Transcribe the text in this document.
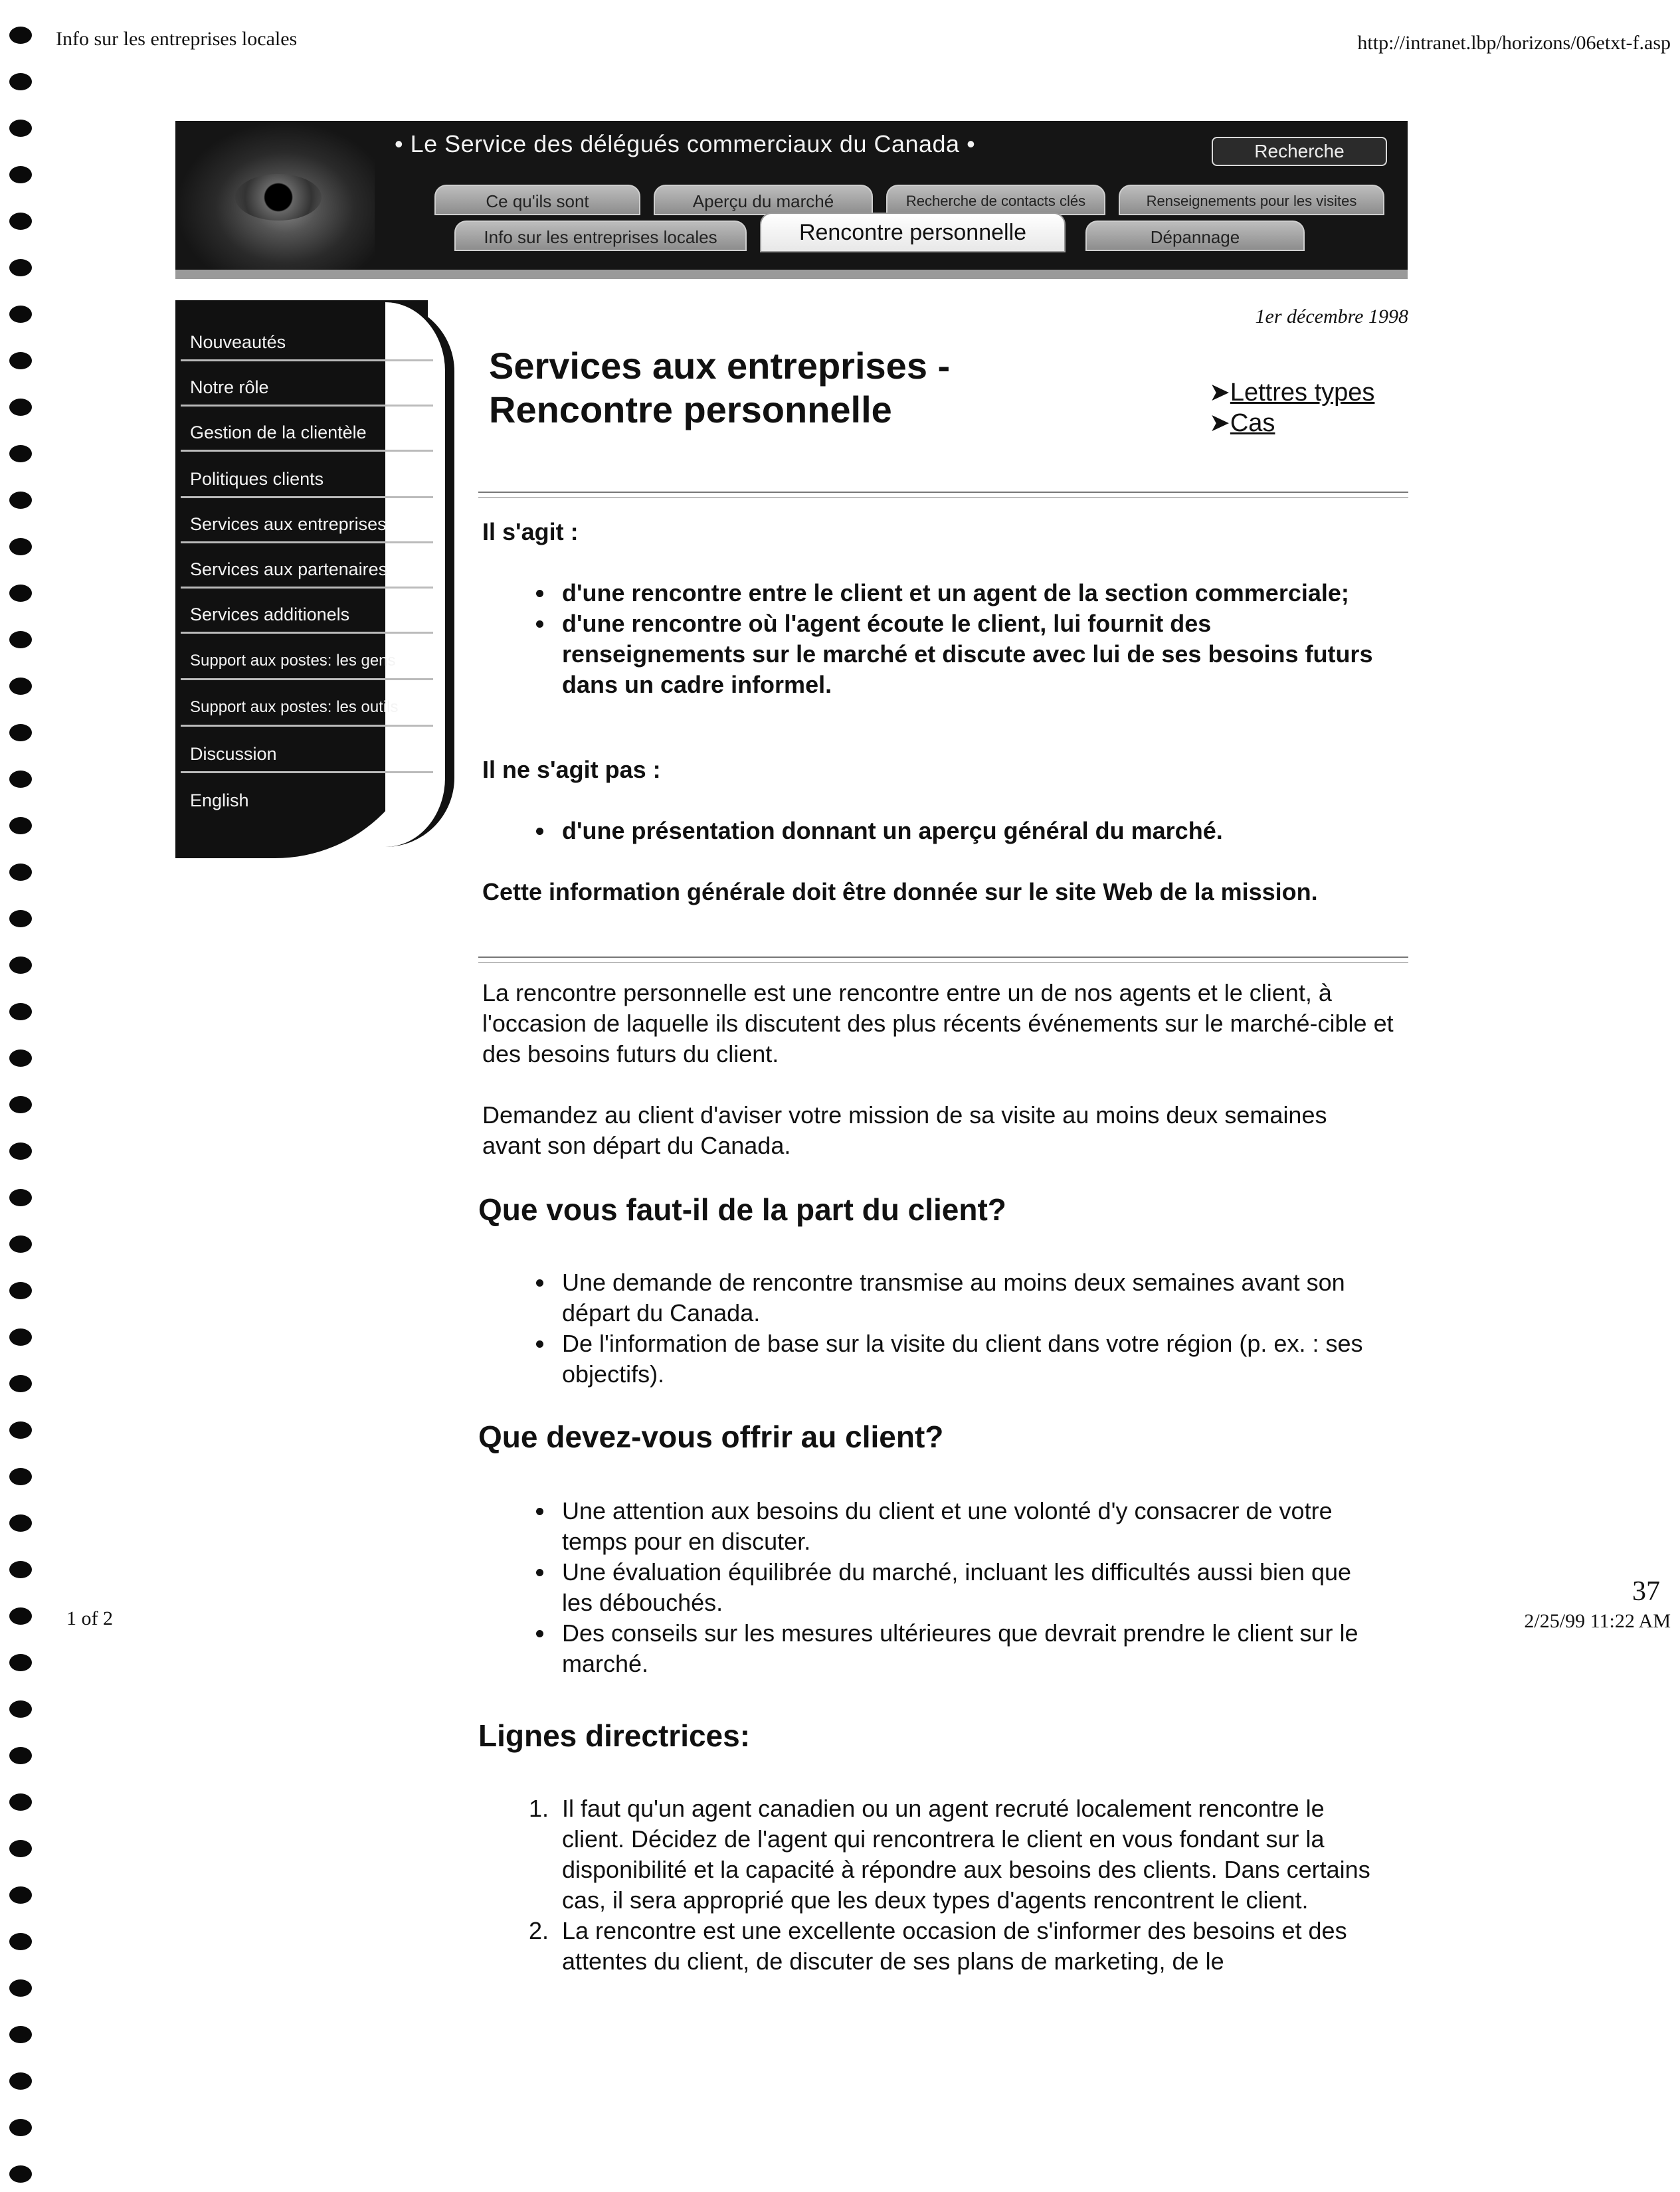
Info sur les entreprises locales	http://intranet.lbp/horizons/06etxt-f.asp
• Le Service des délégués commerciaux du Canada •	Recherche
Ce qu'ils sont	Aperçu du marché	Recherche de contacts clés	Renseignements pour les visites
Info sur les entreprises locales	Rencontre personnelle	Dépannage
Nouveautés
Notre rôle
Gestion de la clientèle
Politiques clients
Services aux entreprises
Services aux partenaires
Services additionels
Support aux postes: les gens
Support aux postes: les outils
Discussion
English
1er décembre 1998
Services aux entreprises -
Rencontre personnelle	➤Lettres types
➤Cas
Il s'agit :
• d'une rencontre entre le client et un agent de la section commerciale;
• d'une rencontre où l'agent écoute le client, lui fournit des renseignements sur le marché et discute avec lui de ses besoins futurs dans un cadre informel.
Il ne s'agit pas :
• d'une présentation donnant un aperçu général du marché.
Cette information générale doit être donnée sur le site Web de la mission.
La rencontre personnelle est une rencontre entre un de nos agents et le client, à l'occasion de laquelle ils discutent des plus récents événements sur le marché-cible et des besoins futurs du client.
Demandez au client d'aviser votre mission de sa visite au moins deux semaines avant son départ du Canada.
Que vous faut-il de la part du client?
• Une demande de rencontre transmise au moins deux semaines avant son départ du Canada.
• De l'information de base sur la visite du client dans votre région (p. ex. : ses objectifs).
Que devez-vous offrir au client?
• Une attention aux besoins du client et une volonté d'y consacrer de votre temps pour en discuter.
• Une évaluation équilibrée du marché, incluant les difficultés aussi bien que les débouchés.
• Des conseils sur les mesures ultérieures que devrait prendre le client sur le marché.
Lignes directrices:
1. Il faut qu'un agent canadien ou un agent recruté localement rencontre le client. Décidez de l'agent qui rencontrera le client en vous fondant sur la disponibilité et la capacité à répondre aux besoins des clients. Dans certains cas, il sera approprié que les deux types d'agents rencontrent le client.
2. La rencontre est une excellente occasion de s'informer des besoins et des attentes du client, de discuter de ses plans de marketing, de le
1 of 2
37
2/25/99 11:22 AM
